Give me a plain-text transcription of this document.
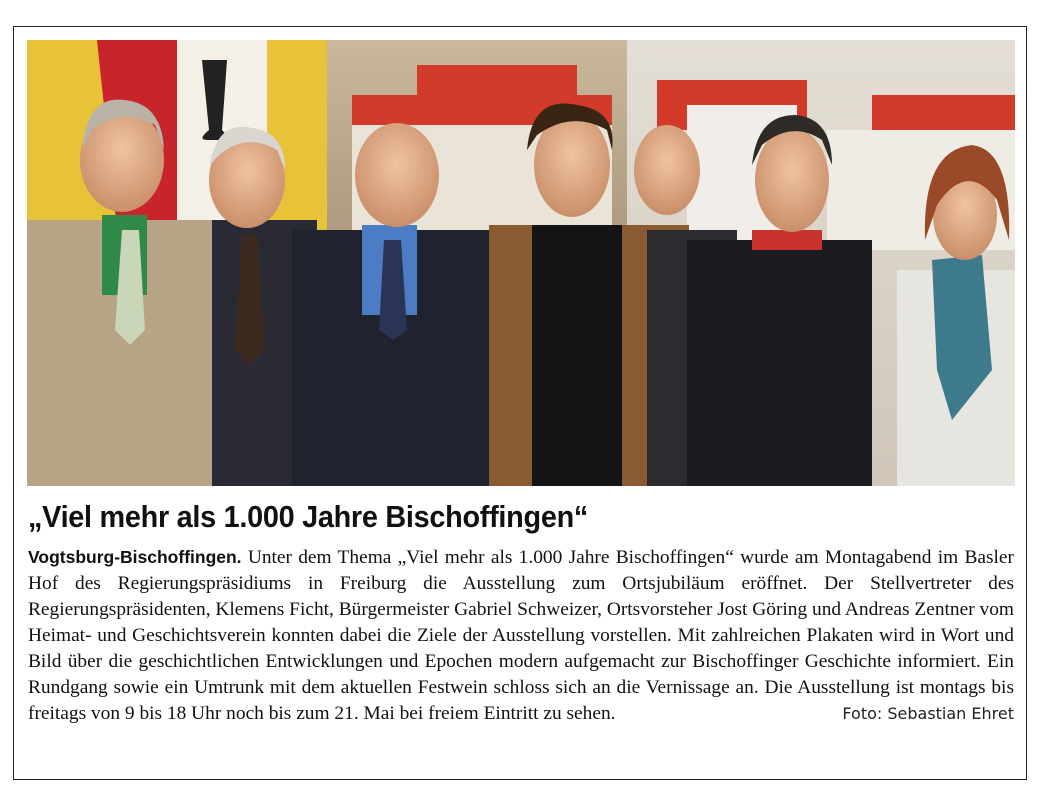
„Viel mehr als 1.000 Jahre Bischoffingen“

Vogtsburg-Bischoffingen. Unter dem Thema „Viel mehr als 1.000 Jahre Bischoffingen“ wurde am Montagabend im Basler Hof des Regierungspräsidiums in Freiburg die Ausstellung zum Ortsjubiläum eröffnet. Der Stellvertreter des Regierungspräsidenten, Klemens Ficht, Bürgermeister Gabriel Schweizer, Ortsvorsteher Jost Göring und Andreas Zentner vom Heimat- und Geschichtsverein konnten dabei die Ziele der Ausstellung vorstellen. Mit zahlreichen Plakaten wird in Wort und Bild über die geschichtlichen Entwicklungen und Epochen modern aufgemacht zur Bischoffinger Geschichte informiert. Ein Rundgang sowie ein Umtrunk mit dem aktuellen Festwein schloss sich an die Vernissage an. Die Ausstellung ist montags bis freitags von 9 bis 18 Uhr noch bis zum 21. Mai bei freiem Eintritt zu sehen.	Foto: Sebastian Ehret
